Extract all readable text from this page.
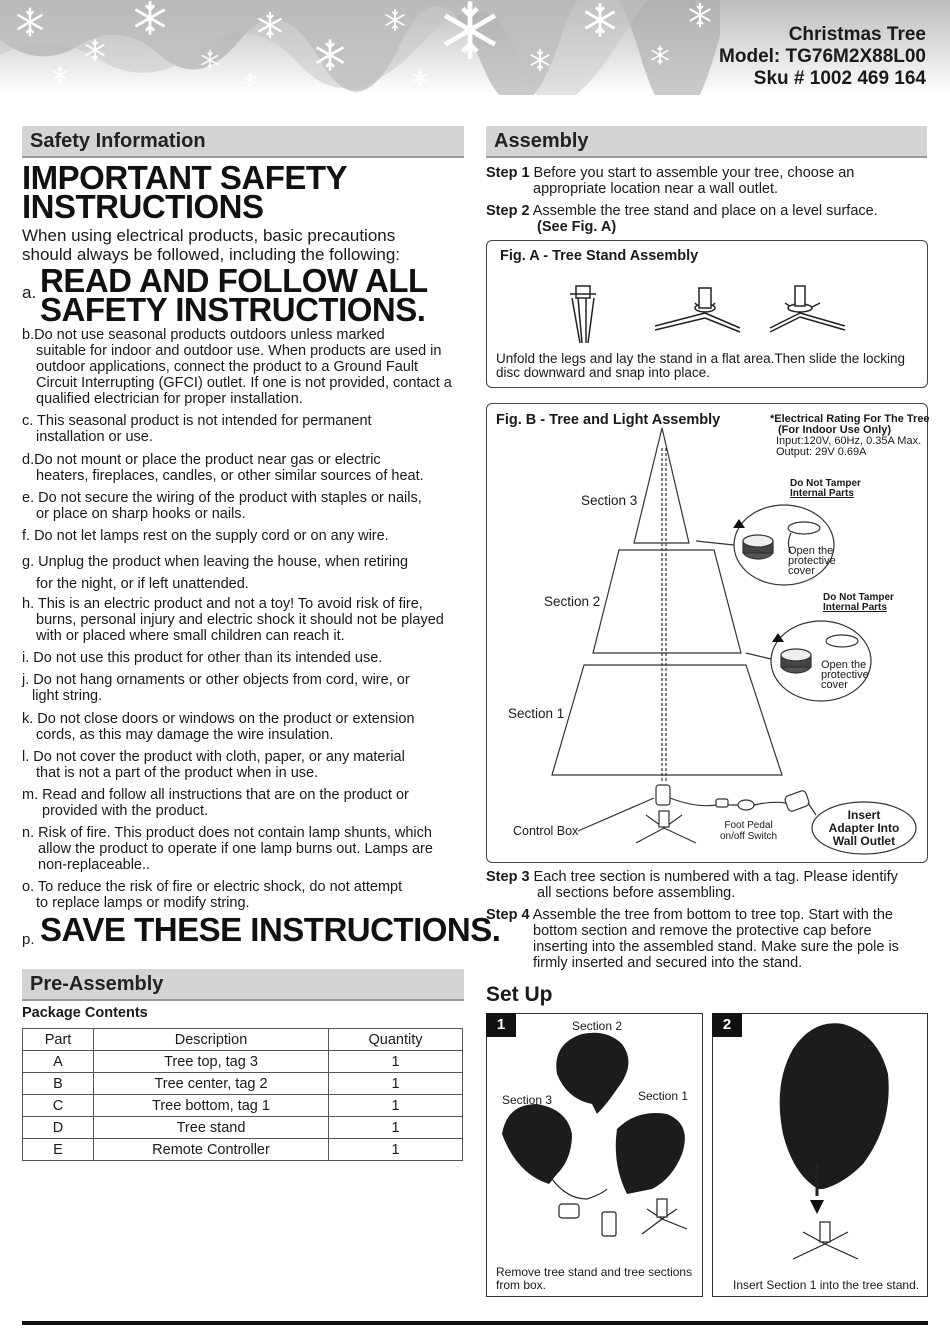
Christmas Tree
Model: TG76M2X88L00
Sku # 1002 469 164
Safety Information
IMPORTANT SAFETY
INSTRUCTIONS
When using electrical products, basic precautions should always be followed, including the following:
a. READ AND FOLLOW ALL
SAFETY INSTRUCTIONS.
b.Do not use seasonal products outdoors unless marked
suitable for indoor and outdoor use. When products are used in outdoor applications, connect the product to a Ground Fault Circuit Interrupting (GFCI) outlet. If one is not provided, contact a qualified electrician for proper installation.
c. This seasonal product is not intended for permanent
installation or use.
d.Do not mount or place the product near gas or electric
heaters, fireplaces, candles, or other similar sources of heat.
e. Do not secure the wiring of the product with staples or nails,
or place on sharp hooks or nails.
f. Do not let lamps rest on the supply cord or on any wire.
g. Unplug the product when leaving the house, when retiring
for the night, or if left unattended.
h. This is an electric product and not a toy! To avoid risk of fire,
burns, personal injury and electric shock it should not be played with or placed where small children can reach it.
i. Do not use this product for other than its intended use.
j. Do not hang ornaments or other objects from cord, wire, or
light string.
k. Do not close doors or windows on the product or extension
cords, as this may damage the wire insulation.
l. Do not cover the product with cloth, paper, or any material
that is not a part of the product when in use.
m. Read and follow all instructions that are on the product or
provided with the product.
n. Risk of fire. This product does not contain lamp shunts, which
allow the product to operate if one lamp burns out. Lamps are non-replaceable..
o. To reduce the risk of fire or electric shock, do not attempt
to replace lamps or modify string.
p. SAVE THESE INSTRUCTIONS.
Pre-Assembly
Package Contents
Part	Description	Quantity
A	Tree top, tag 3	1
B	Tree center, tag 2	1
C	Tree bottom, tag 1	1
D	Tree stand	1
E	Remote Controller	1
Assembly
Step 1 Before you start to assemble your tree, choose an
appropriate location near a wall outlet.
Step 2 Assemble the tree stand and place on a level surface.
(See Fig. A)
Fig. A - Tree Stand Assembly
Unfold the legs and lay the stand in a flat area.Then slide the locking disc downward and snap into place.
Fig. B - Tree and Light Assembly	*Electrical Rating For The Tree
(For Indoor Use Only)
Input:120V, 60Hz, 0.35A Max.
Output: 29V 0.69A
Section 3
Section 2
Section 1
Do Not Tamper
Internal Parts
Do Not Tamper
Internal Parts
Open the
protective
cover
Open the
protective
cover
Control Box	Foot Pedal
on/off Switch
Insert
Adapter Into
Wall Outlet
Step 3 Each tree section is numbered with a tag. Please identify
all sections before assembling.
Step 4 Assemble the tree from bottom to tree top. Start with the
bottom section and remove the protective cap before inserting into the assembled stand. Make sure the pole is firmly inserted and secured into the stand.
Set Up
1	Section 2
Section 3	Section 1
Remove tree stand and tree sections from box.
2
Insert Section 1 into the tree stand.
